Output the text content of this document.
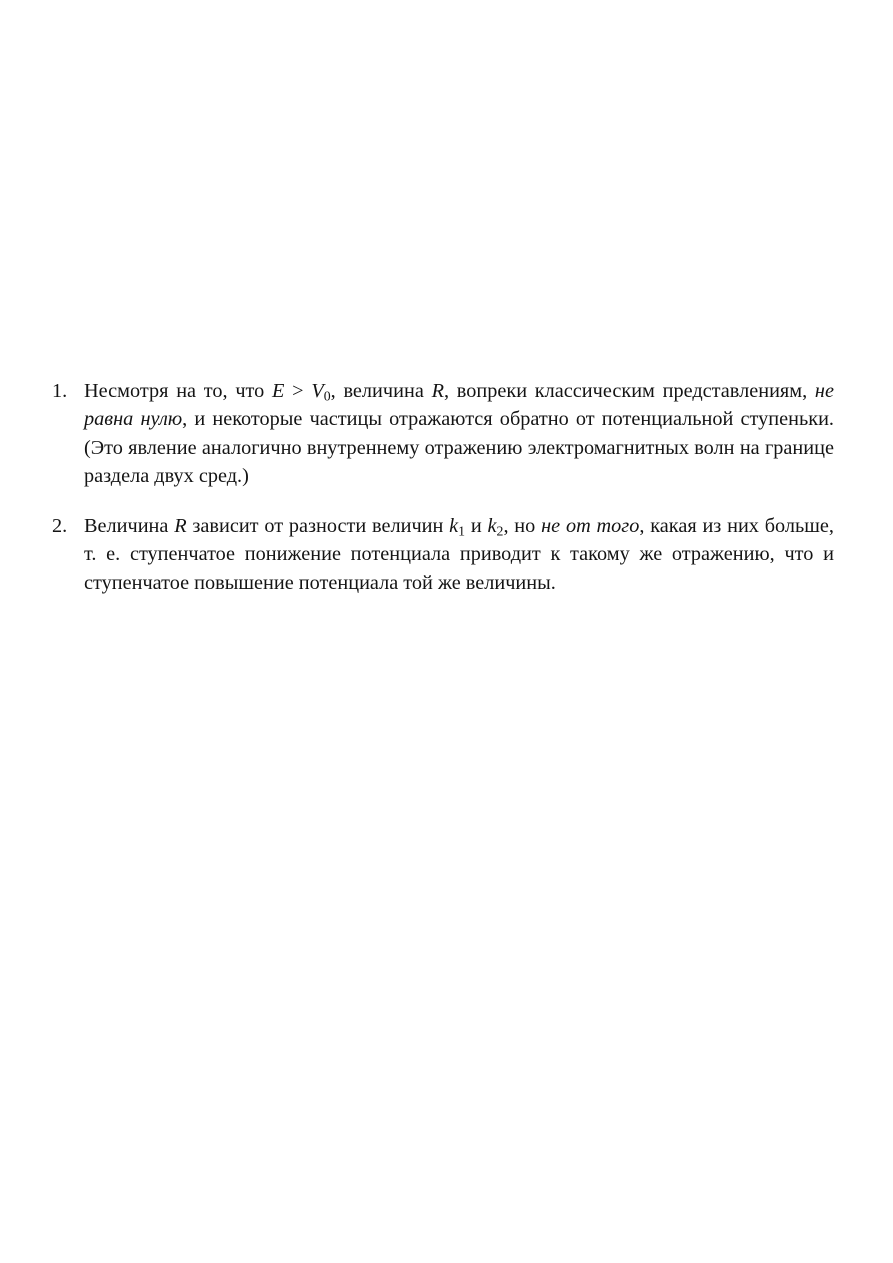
1. Несмотря на то, что $E > V_0$, величина R, вопреки классическим представлениям, не равна нулю, и некоторые частицы отражаются обратно от потенциальной ступеньки. (Это явление аналогично внутреннему отражению электромагнитных волн на границе раздела двух сред.)
2. Величина R зависит от разности величин $k_1$ и $k_2$, но не от того, какая из них больше, т. е. ступенчатое понижение потенциала приводит к такому же отражению, что и ступенчатое повышение потенциала той же величины.
